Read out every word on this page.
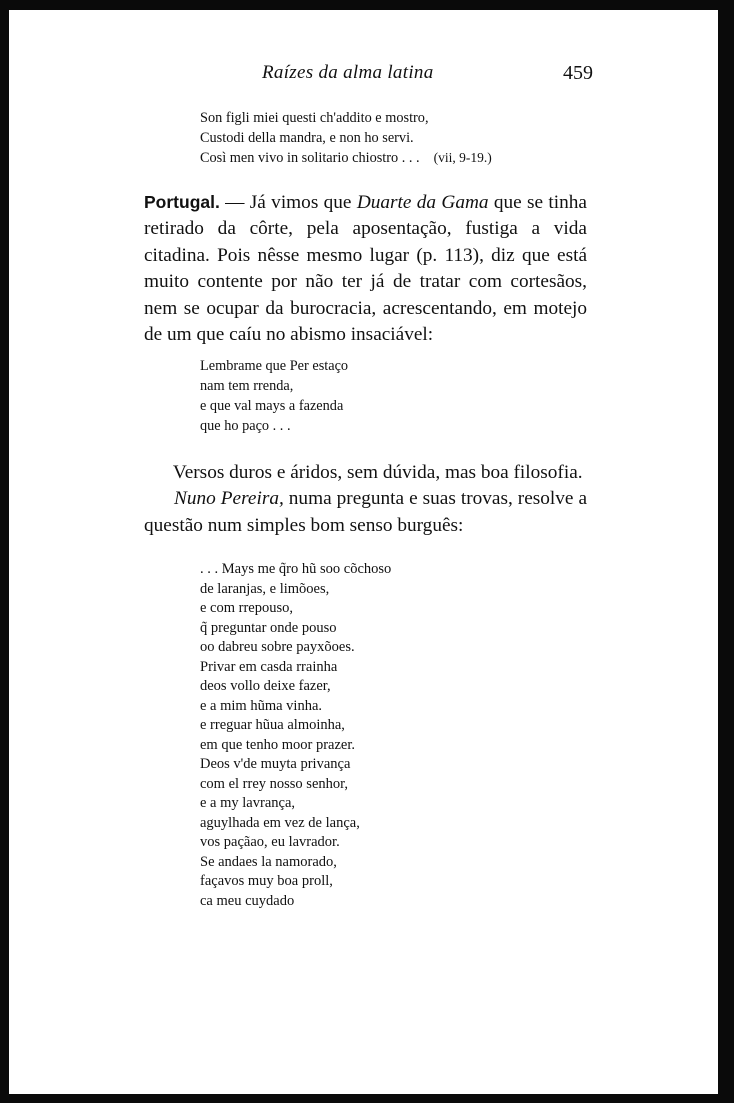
Raízes da alma latina	459
Son figli miei questi ch'addito e mostro,
Custodi della mandra, e non ho servi.
Così men vivo in solitario chiostro . . . (vii, 9-19.)

Portugal. — Já vimos que Duarte da Gama que se tinha retirado da côrte, pela aposentação, fustiga a vida citadina. Pois nêsse mesmo lugar (p. 113), diz que está muito contente por não ter já de tratar com cortesãos, nem se ocupar da burocracia, acrescentando, em motejo de um que caíu no abismo insaciável:

Lembrame que Per estaço
nam tem rrenda,
e que val mays a fazenda
que ho paço . . .

Versos duros e áridos, sem dúvida, mas boa filosofia.

Nuno Pereira, numa pregunta e suas trovas, resolve a questão num simples bom senso burguês:

. . . Mays me q̃ro hũ soo cõchoso
de laranjas, e limõoes,
e com rrepouso,
q̃ preguntar onde pouso
oo dabreu sobre payxõoes.
Privar em casda rrainha
deos vollo deixe fazer,
e a mim hũma vinha.
e rreguar hũua almoinha,
em que tenho moor prazer.
Deos v'de muyta privança
com el rrey nosso senhor,
e a my lavrança,
aguylhada em vez de lança,
vos paçãao, eu lavrador.
Se andaes la namorado,
façavos muy boa proll,
ca meu cuydado
